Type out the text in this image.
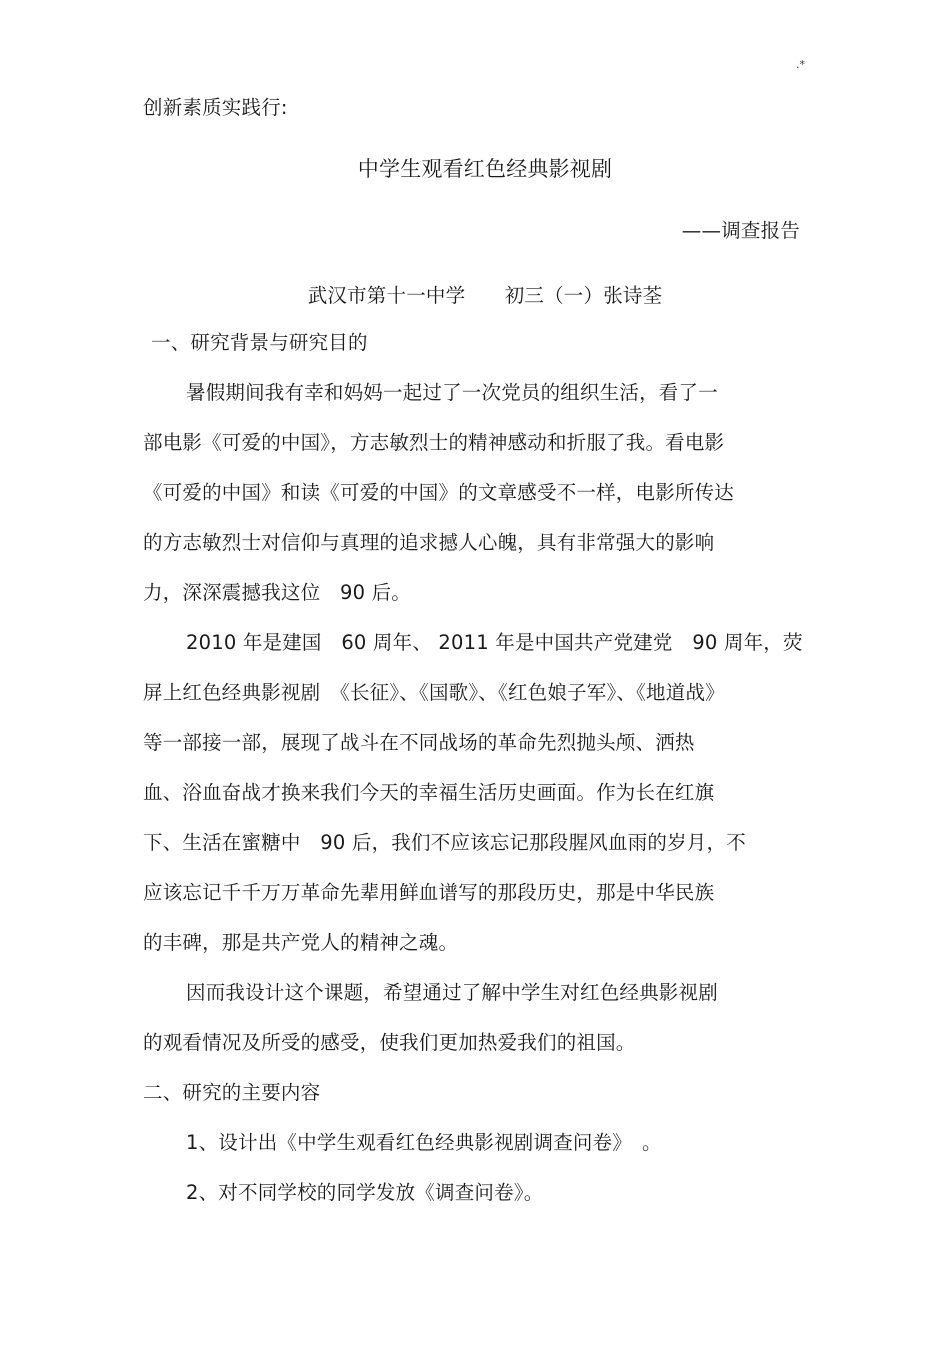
.*
创新素质实践行:
中学生观看红色经典影视剧
——调查报告
武汉市第十一中学　　初三（一）张诗荃
一、研究背景与研究目的
暑假期间我有幸和妈妈一起过了一次党员的组织生活，看了一
部电影《可爱的中国》，方志敏烈士的精神感动和折服了我。看电影
《可爱的中国》和读《可爱的中国》的文章感受不一样，电影所传达
的方志敏烈士对信仰与真理的追求撼人心魄，具有非常强大的影响
力，深深震撼我这位　90 后。
2010 年是建国　60 周年、 2011 年是中国共产党建党　90 周年，荧
屏上红色经典影视剧　《长征》、《国歌》、《红色娘子军》、《地道战》
等一部接一部，展现了战斗在不同战场的革命先烈抛头颅、洒热
血、浴血奋战才换来我们今天的幸福生活历史画面。作为长在红旗
下、生活在蜜糖中　90 后，我们不应该忘记那段腥风血雨的岁月，不
应该忘记千千万万革命先辈用鲜血谱写的那段历史，那是中华民族
的丰碑，那是共产党人的精神之魂。
因而我设计这个课题，希望通过了解中学生对红色经典影视剧
的观看情况及所受的感受，使我们更加热爱我们的祖国。
二、研究的主要内容
1、设计出《中学生观看红色经典影视剧调查问卷》　。
2、对不同学校的同学发放《调查问卷》。
